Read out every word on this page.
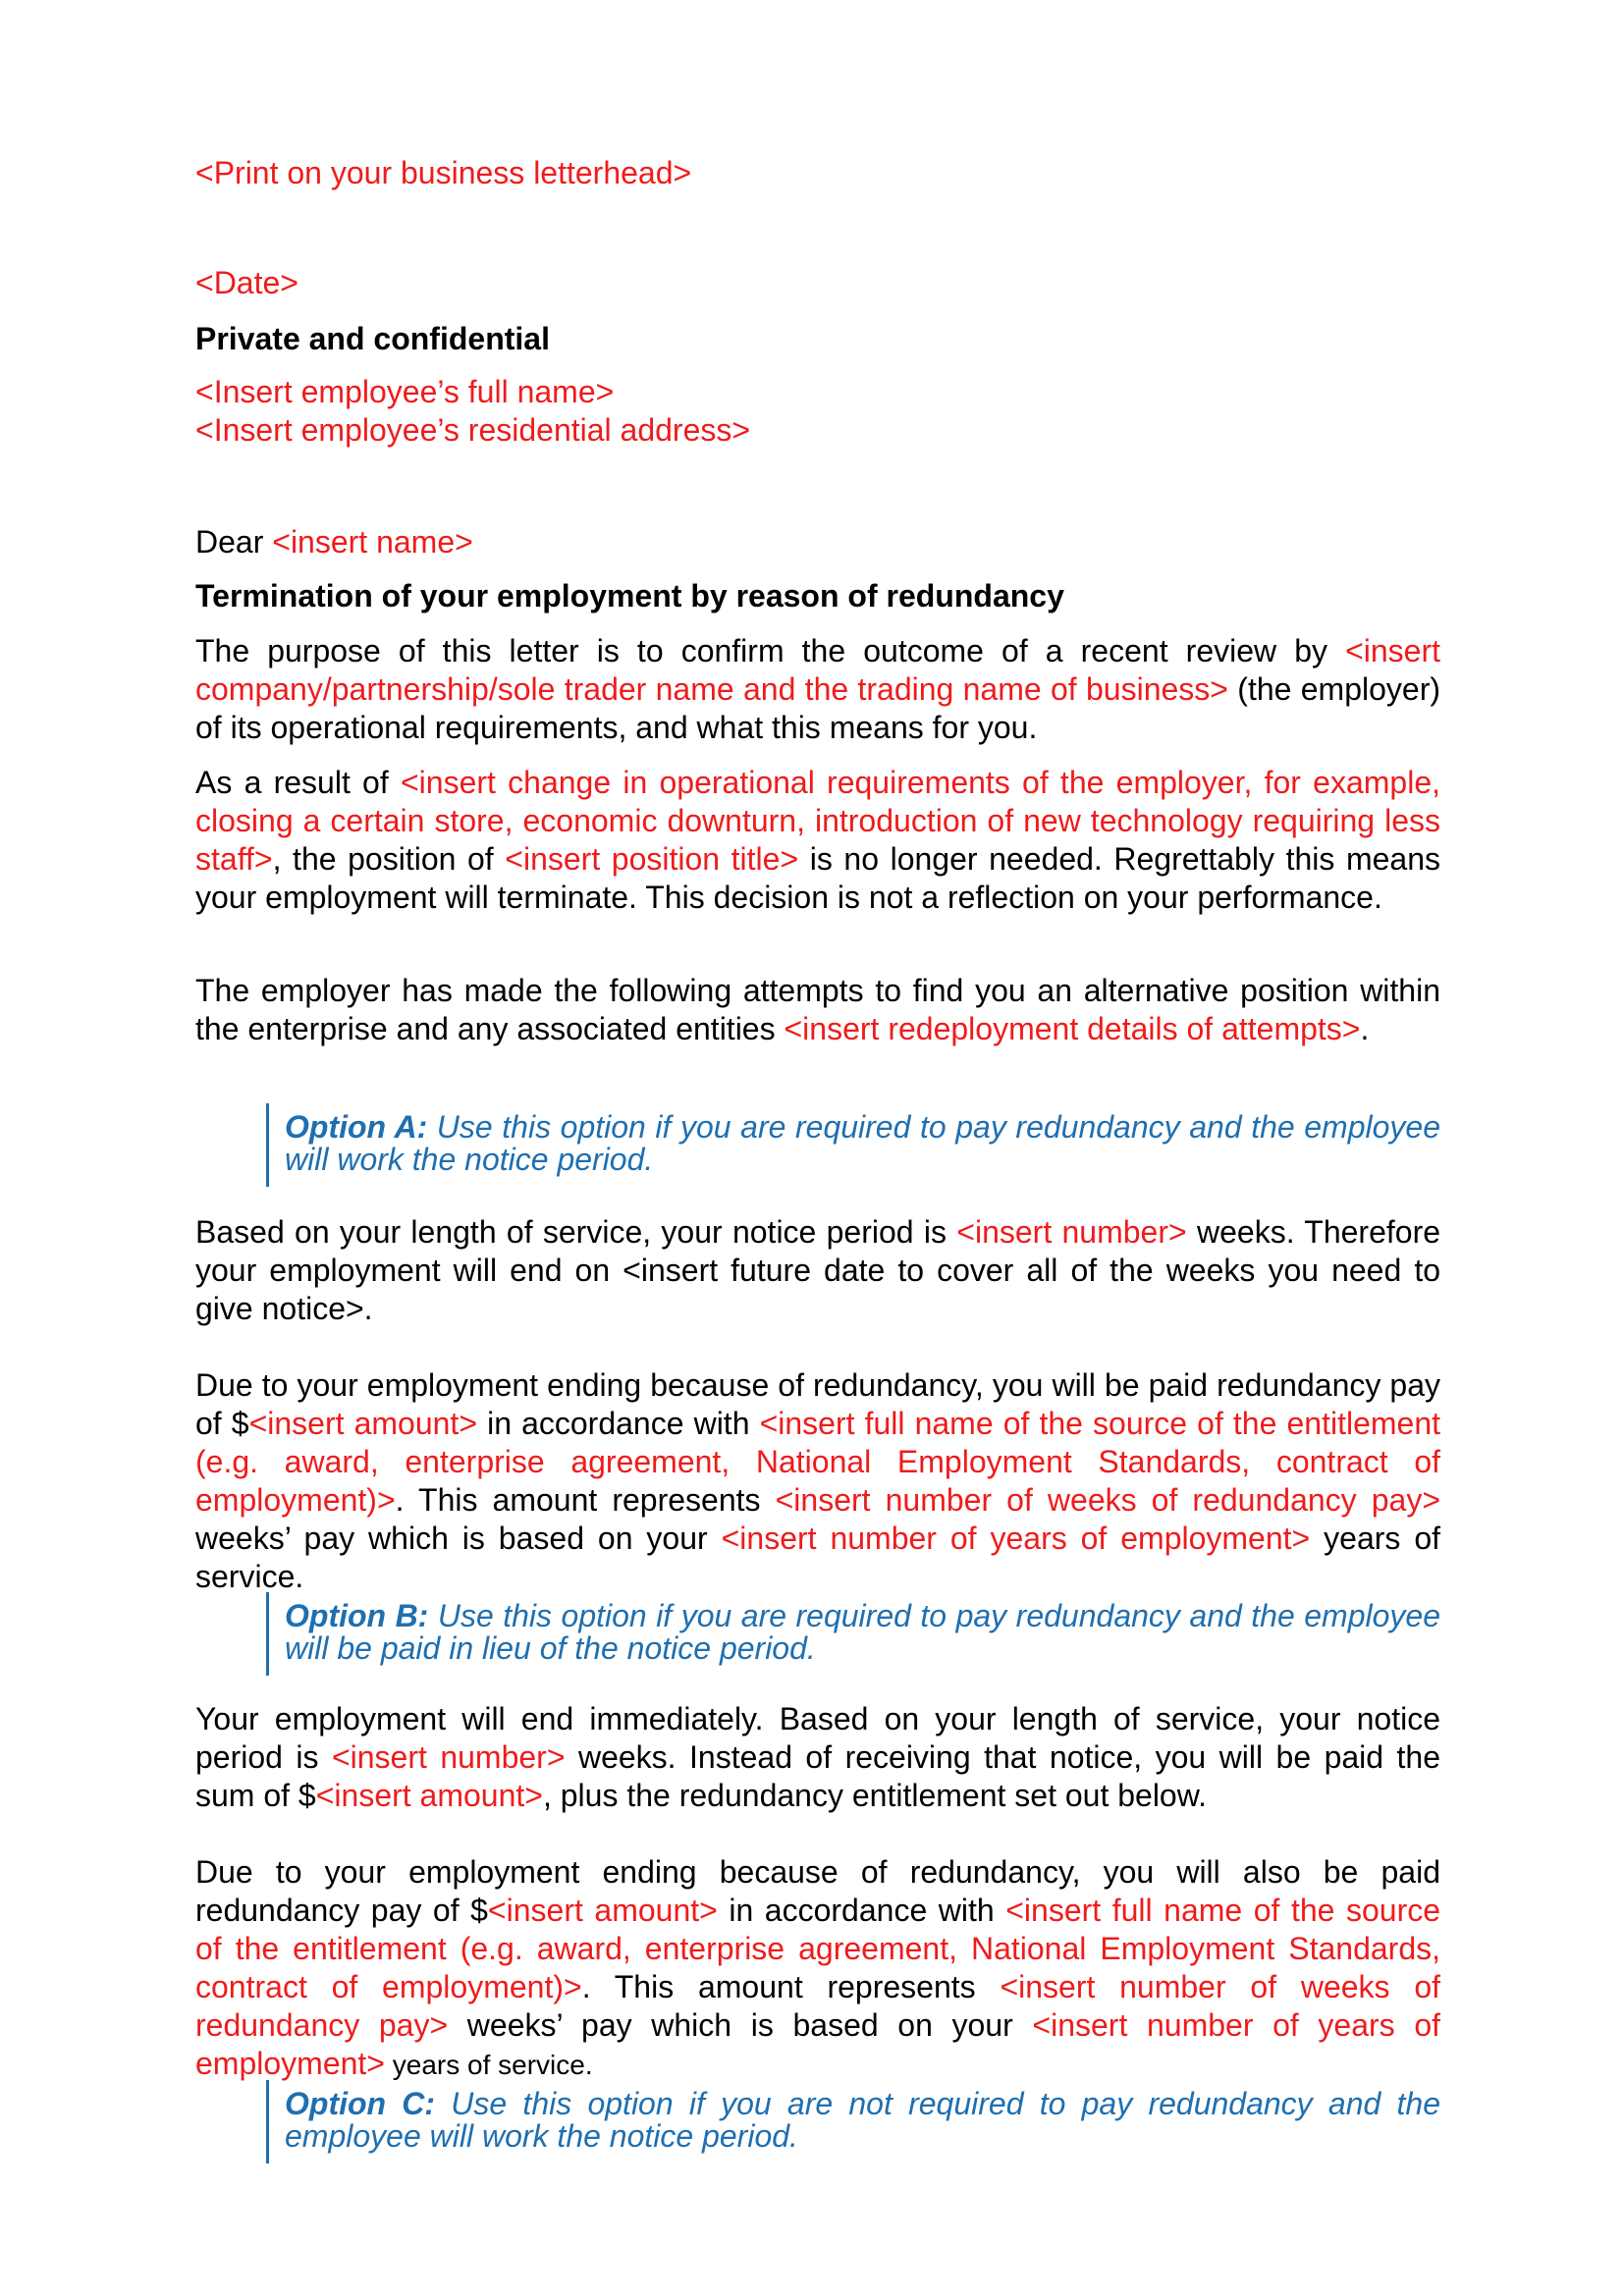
<Print on your business letterhead>
<Date>
Private and confidential
<Insert employee’s full name>
<Insert employee’s residential address>
Dear <insert name>
Termination of your employment by reason of redundancy

The purpose of this letter is to confirm the outcome of a recent review by <insert company/partnership/sole trader name and the trading name of business> (the employer) of its operational requirements, and what this means for you.

As a result of <insert change in operational requirements of the employer, for example, closing a certain store, economic downturn, introduction of new technology requiring less staff>, the position of <insert position title> is no longer needed. Regrettably this means your employment will terminate. This decision is not a reflection on your performance.

The employer has made the following attempts to find you an alternative position within the enterprise and any associated entities <insert redeployment details of attempts>.

Option A: Use this option if you are required to pay redundancy and the employee will work the notice period.

Based on your length of service, your notice period is <insert number> weeks. Therefore your employment will end on <insert future date to cover all of the weeks you need to give notice>.

Due to your employment ending because of redundancy, you will be paid redundancy pay of $<insert amount> in accordance with <insert full name of the source of the entitlement (e.g. award, enterprise agreement, National Employment Standards, contract of employment)>. This amount represents <insert number of weeks of redundancy pay> weeks’ pay which is based on your <insert number of years of employment> years of service.

Option B: Use this option if you are required to pay redundancy and the employee will be paid in lieu of the notice period.

Your employment will end immediately. Based on your length of service, your notice period is <insert number> weeks. Instead of receiving that notice, you will be paid the sum of $<insert amount>, plus the redundancy entitlement set out below.

Due to your employment ending because of redundancy, you will also be paid redundancy pay of $<insert amount> in accordance with <insert full name of the source of the entitlement (e.g. award, enterprise agreement, National Employment Standards, contract of employment)>. This amount represents <insert number of weeks of redundancy pay> weeks’ pay which is based on your <insert number of years of employment> years of service.

Option C: Use this option if you are not required to pay redundancy and the employee will work the notice period.
